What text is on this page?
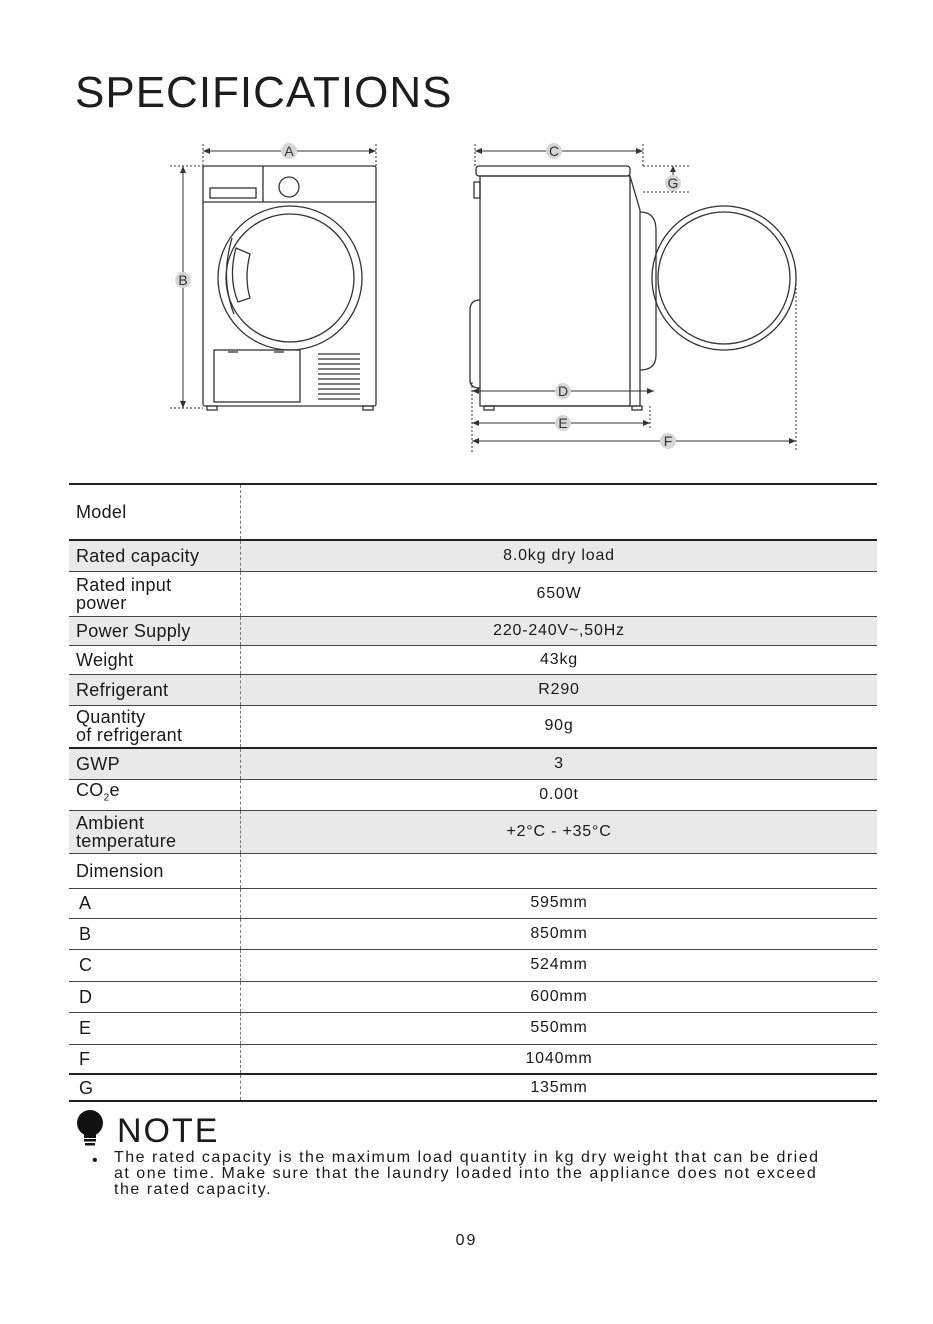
SPECIFICATIONS
A
B
C
G
D
E
F
Model	
Rated capacity	8.0kg dry load
Rated input
power	650W
Power Supply	220-240V~,50Hz
Weight	43kg
Refrigerant	R290
Quantity
of refrigerant	90g
GWP	3
$CO_2e$	0.00t
Ambient
temperature	+2°C - +35°C
Dimension	
A	595mm
B	850mm
C	524mm
D	600mm
E	550mm
F	1040mm
G	135mm
NOTE
• The rated capacity is the maximum load quantity in kg dry weight that can be dried at one time. Make sure that the laundry loaded into the appliance does not exceed the rated capacity.

09
